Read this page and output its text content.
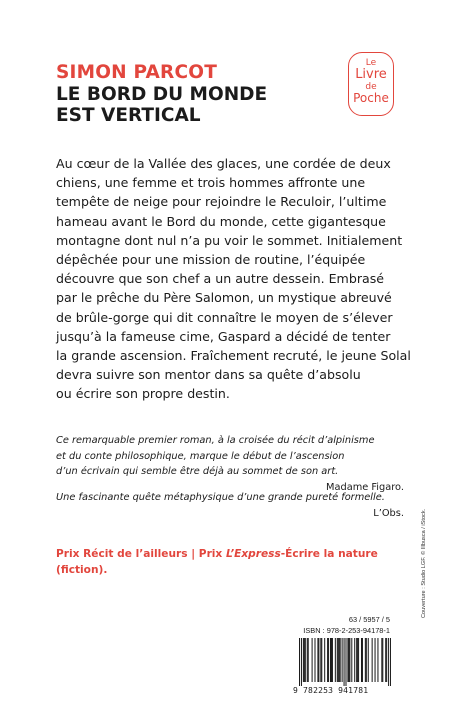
SIMON PARCOT
LE BORD DU MONDE
EST VERTICAL
Le
Livre
de
Poche
Au cœur de la Vallée des glaces, une cordée de deux
chiens, une femme et trois hommes affronte une
tempête de neige pour rejoindre le Reculoir, l’ultime
hameau avant le Bord du monde, cette gigantesque
montagne dont nul n’a pu voir le sommet. Initialement
dépêchée pour une mission de routine, l’équipée
découvre que son chef a un autre dessein. Embrasé
par le prêche du Père Salomon, un mystique abreuvé
de brûle-gorge qui dit connaître le moyen de s’élever
jusqu’à la fameuse cime, Gaspard a décidé de tenter
la grande ascension. Fraîchement recruté, le jeune Solal
devra suivre son mentor dans sa quête d’absolu
ou écrire son propre destin.
Ce remarquable premier roman, à la croisée du récit d’alpinisme
et du conte philosophique, marque le début de l’ascension
d’un écrivain qui semble être déjà au sommet de son art.
Madame Figaro.
Une fascinante quête métaphysique d’une grande pureté formelle.
L’Obs.
Prix Récit de l’ailleurs | Prix L’Express-Écrire la nature
(fiction).
63 / 5957 / 5
ISBN : 978-2-253-94178-1
Couverture : Studio LGF. © Illbusca / iStock.
9 782253 941781
